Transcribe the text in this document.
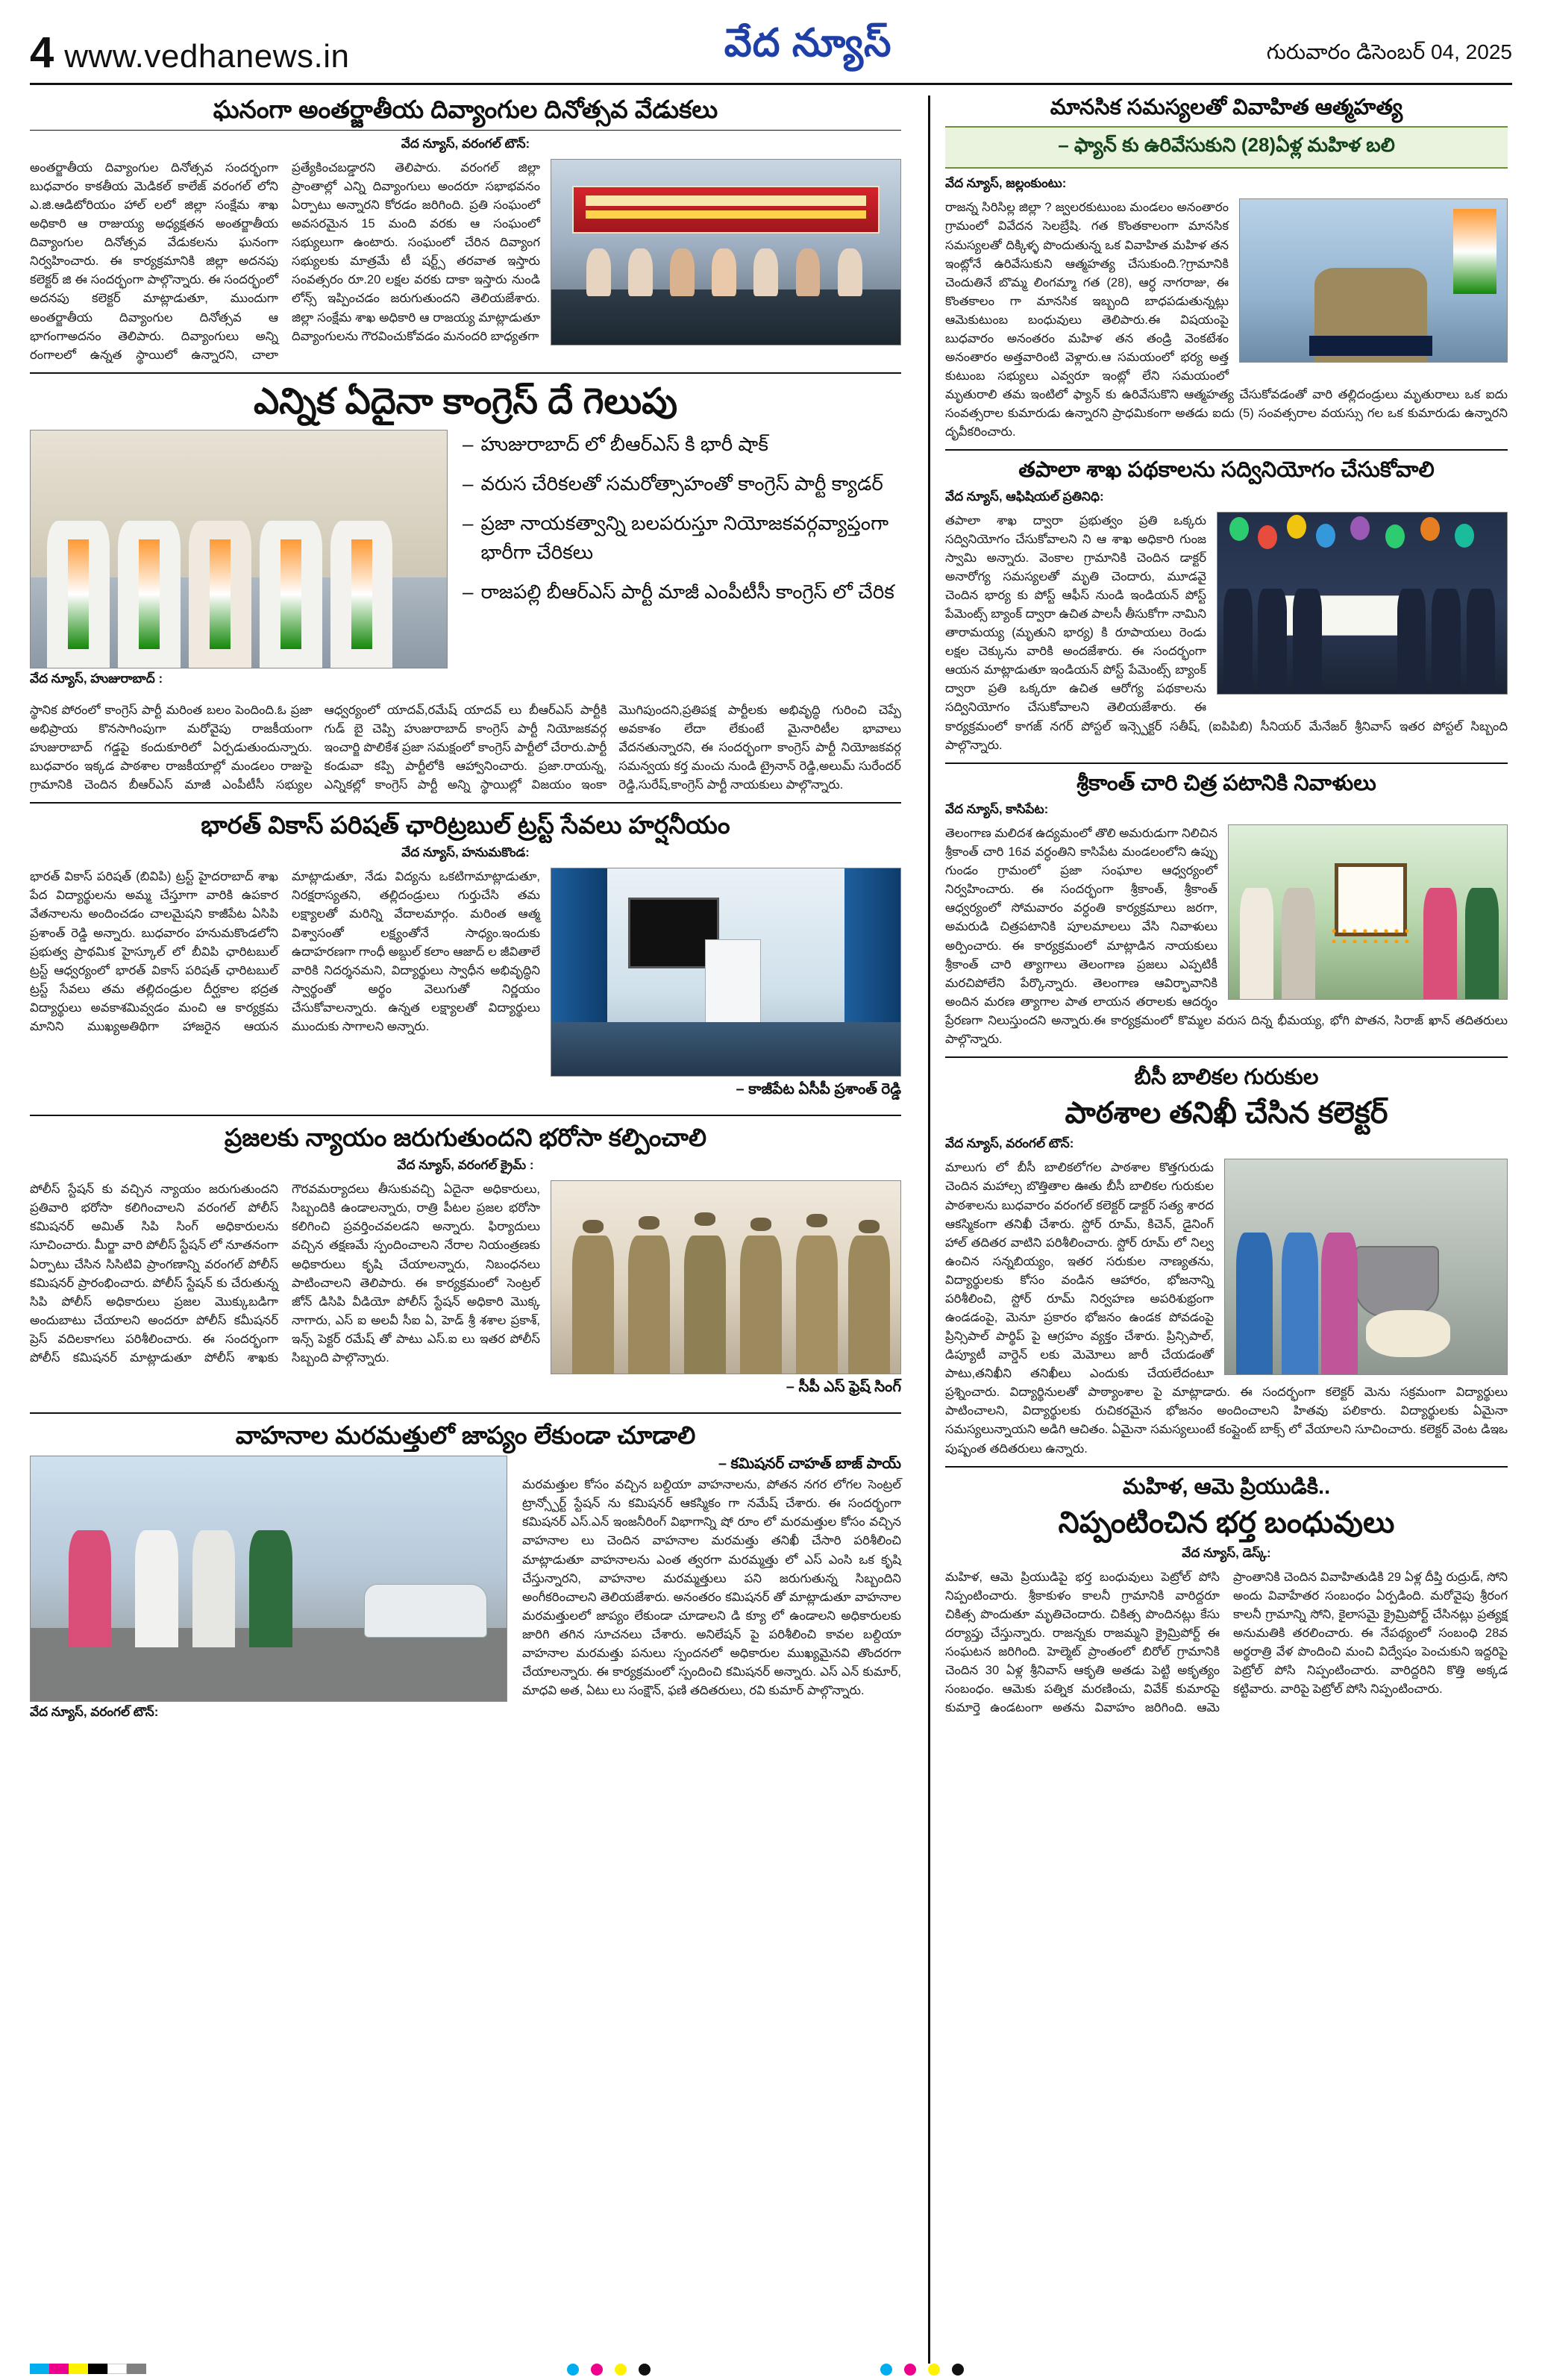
4 www.vedhanews.in	వేద న్యూస్	గురువారం డిసెంబర్ 04, 2025
ఘనంగా అంతర్జాతీయ దివ్యాంగుల దినోత్సవ వేడుకలు
వేద న్యూస్, వరంగల్ టౌన్:
అంతర్జాతీయ దివ్యాంగుల దినోత్సవ సందర్భంగా బుధవారం కాకతీయ మెడికల్ కాలేజ్ వరంగల్ లోని ఎ.జి.ఆడిటోరియం హాల్ లలో జిల్లా సంక్షేమ శాఖ అధికారి ఆ రాజుయ్య అధ్యక్షతన అంతర్జాతీయ దివ్యాంగుల దినోత్సవ వేడుకలను ఘనంగా నిర్వహించారు. ఈ కార్యక్రమానికి జిల్లా అదనపు కలెక్టర్ జి ఈ సందర్భంగా పాల్గొన్నారు. ఈ సందర్భంలో అదనపు కలెక్టర్ మాట్లాడుతూ, ముందుగా అంతర్జాతీయ దివ్యాంగుల దినోత్సవ ఆ భాగంగాఅదనం తెలిపారు. దివ్యాంగులు అన్ని రంగాలలో ఉన్నత స్థాయిలో ఉన్నారని, చాలా ప్రత్యేకించబడ్డారని తెలిపారు. వరంగల్ జిల్లా ప్రాంతాల్లో ఎన్ని దివ్యాంగులు అందరూ సభాభవనం ఏర్పాటు అన్నారని కోరడం జరిగింది. ప్రతి సంఘంలో అవసరమైన 15 మంది వరకు ఆ సంఘంలో సభ్యులుగా ఉంటారు. సంఘంలో చేరిన దివ్యాంగ సభ్యులకు మాత్రమే టీ షర్ట్స్ తరవాత ఇస్తారు సంవత్సరం రూ.20 లక్షల వరకు దాకా ఇస్తారు నుండి లోన్స్ ఇప్పించడం జరుగుతుందని తెలియజేశారు. జిల్లా సంక్షేమ శాఖ అధికారి ఆ రాజయ్య మాట్లాడుతూ దివ్యాంగులను గౌరవించుకోవడం మనందరి బాధ్యతగా
ఎన్నిక ఏదైనా కాంగ్రెస్ దే గెలుపు
వేద న్యూస్, హుజురాబాద్ :
– హుజురాబాద్ లో బీఆర్ఎస్ కి భారీ షాక్
– వరుస చేరికలతో సమరోత్సాహంతో కాంగ్రెస్ పార్టీ క్యాడర్
– ప్రజా నాయకత్వాన్ని బలపరుస్తూ నియోజకవర్గవ్యాప్తంగా భారీగా చేరికలు
– రాజపల్లి బీఆర్ఎస్ పార్టీ మాజీ ఎంపీటీసీ కాంగ్రెస్ లో చేరిక
స్థానిక పోరంలో కాంగ్రెస్ పార్టీ మరింత బలం పెందింది.ఓ ప్రజా అభిప్రాయ కొనసాగింపుగా మరోవైపు రాజకీయంగా హుజురాబాద్ గడ్డపై కందుకూరిలో ఏర్పడుతుందున్నారు. బుధవారం ఇక్కడ పాఠశాల రాజకీయాల్లో మండలం రాజుపై గ్రామానికి చెందిన బీఆర్ఎస్ మాజీ ఎంపీటీసీ సభ్యుల ఆధ్వర్యంలో యాదవ్,రమేష్ యాదవ్ లు బీఆర్ఎస్ పార్టీకి గుడ్ బై చెప్పి హుజురాబాద్ కాంగ్రెస్ పార్టీ నియోజకవర్గ ఇంచార్జి పొలికేశ ప్రజా సమక్షంలో కాంగ్రెస్ పార్టీలో చేరారు.పార్టీ కండువా కప్పి పార్టీలోకి ఆహ్వానించారు. ప్రజా.రాయన్న, ఎన్నికల్లో కాంగ్రెస్ పార్టీ అన్ని స్థాయిల్లో విజయం ఇంకా మొగిపుందని,ప్రతిపక్ష పార్టీలకు అభివృద్ధి గురించి చెప్పే అవకాశం లేదా లేకుంటే మైనారిటీల భావాలు వేదనతున్నారని, ఈ సందర్భంగా కాంగ్రెస్ పార్టీ నియోజకవర్గ సమన్వయ కర్త మంచు నుండి ట్రైనాన్ రెడ్డి,అలుమ్ సురేందర్ రెడ్డి,సురేష్,కాంగ్రెస్ పార్టీ నాయకులు పాల్గొన్నారు.
భారత్ వికాస్ పరిషత్ ఛారిట్రబుల్ ట్రస్ట్ సేవలు హర్షనీయం
వేద న్యూస్, హనుమకొండ:
– కాజీపేట ఏసీపీ ప్రశాంత్ రెడ్డి
భారత్ వికాస్ పరిషత్ (బివిపి) ట్రస్ట్ హైదరాబాద్ శాఖ పేద విద్యార్థులను అమ్మ చేస్తూగా వారికి ఉపకార వేతనాలను అందించడం చాలమైషని కాజీపేట ఏసిపి ప్రశాంత్ రెడ్డి అన్నారు. బుధవారం హనుమకొండలోని ప్రభుత్వ ప్రాథమిక హైస్కూల్ లో బీవిపి ఛారిటబుల్ ట్రస్ట్ ఆధ్వర్యంలో భారత్ వికాస్ పరిషత్ ఛారిటబుల్ ట్రస్ట్ సేవలు తమ తల్లిదండ్రుల దీర్ఘకాల భద్రత విద్యార్థులు అవకాశమివ్వడం మంచి ఆ కార్యక్రమ మానిని ముఖ్యఅతిథిగా హాజరైన ఆయన మాట్లాడుతూ, నేడు విద్యను ఒకటిగామాట్లాడుతూ, నిరక్షరాస్యతని, తల్లిదండ్రులు గుర్తుచేసి తమ లక్ష్యాలతో మరిన్ని వేదాలమార్గం. మరింత ఆత్మ విశ్వాసంతో లక్ష్యంతోనే సాధ్యం.ఇందుకు ఉదాహరణగా గాంధీ అబ్దుల్ కలాం ఆజాద్ ల జీవితాలే వారికి నిదర్శనమని, విద్యార్థులు స్వాధీన అభివృద్ధిని స్వార్థంతో అర్థం వెలుగుతో నిర్ణయం చేసుకోవాలన్నారు. ఉన్నత లక్ష్యాలతో విద్యార్థులు ముందుకు సాగాలని అన్నారు.
ప్రజలకు న్యాయం జరుగుతుందని భరోసా కల్పించాలి
వేద న్యూస్, వరంగల్ క్రైమ్ :
– సీపీ ఎస్ ఫ్రెష్ సింగ్
పోలీస్ స్టేషన్ కు వచ్చిన న్యాయం జరుగుతుందని ప్రతివారి భరోసా కలిగించాలని వరంగల్ పోలీస్ కమిషనర్ అమిత్ సిపి సింగ్ అధికారులను సూచించారు. మీర్జా వారి పోలీస్ స్టేషన్ లో నూతనంగా ఏర్పాటు చేసిన సిసిటివి ప్రాంగణాన్ని వరంగల్ పోలీస్ కమిషనర్ ప్రారంభించారు. పోలీస్ స్టేషన్ కు చేరుతున్న సిపి పోలీస్ అధికారులు ప్రజల మొక్కుబడిగా అందుబాటు చేయాలని అందరూ పోలీస్ కమీషనర్ ప్రెస్ వదిలకాగలు పరిశీలించారు. ఈ సందర్భంగా పోలీస్ కమిషనర్ మాట్లాడుతూ పోలీస్ శాఖకు గౌరవమర్యాదలు తీసుకువచ్చి ఏదైనా అధికారులు, సిబ్బందికి ఉండాలన్నారు, రాత్రి పీటల ప్రజల భరోసా కలిగించి ప్రవర్తించవలడని అన్నారు. ఫిర్యాదులు వచ్చిన తక్షణమే స్పందించాలని నేరాల నియంత్రణకు అధికారులు కృషి చేయాలన్నారు, నిబంధనలు పాటించాలని తెలిపారు. ఈ కార్యక్రమంలో సెంట్రల్ జోన్ డిసిపి వీడియో పోలీస్ స్టేషన్ అధికారి మొక్క నాగారు, ఎస్ ఐ అలవీ సీఐ ఏ, హెడ్ శ్రీ శశాల ప్రకాశ్, ఇన్స్ పెక్టర్ రమేష్ తో పాటు ఎస్.ఐ లు ఇతర పోలీస్ సిబ్బంది పాల్గొన్నారు.
వాహనాల మరమత్తులో జాప్యం లేకుండా చూడాలి
వేద న్యూస్, వరంగల్ టౌన్:
– కమిషనర్ చాహత్ బాజ్ పాయ్
మరమత్తుల కోసం వచ్చిన బల్దియా వాహనాలను, పోతన నగర లోగల సెంట్రల్ ట్రాన్స్పోర్ట్ స్టేషన్ ను కమిషనర్ ఆకస్మికం గా నమేష్ చేశారు. ఈ సందర్భంగా కమిషనర్ ఎస్.ఎన్ ఇంజనీరింగ్ విభాగాన్ని షో రూం లో మరమత్తుల కోసం వచ్చిన వాహనాల లు చెందిన వాహనాల మరమత్తు తనిఖీ చేసారి పరిశీలించి మాట్లాడుతూ వాహనాలను ఎంత త్వరగా మరమ్మత్తు లో ఎస్ ఎంసి ఒక కృషి చేస్తున్నారని, వాహనాల మరమ్మత్తులు పని జరుగుతున్న సిబ్బందిని అంగీకరించాలని తెలియజేశారు. అనంతరం కమిషనర్ తో మాట్లాడుతూ వాహనాల మరమత్తులలో జాప్యం లేకుండా చూడాలని డి క్యూ లో ఉండాలని అధికారులకు జారిగి తగిన సూచనలు చేశారు. అనిలేషన్ పై పరిశీలించి కావల బల్దియా వాహనాల మరమత్తు పనులు స్పందనలో అధికారుల ముఖ్యమైనవి తొందరగా చేయాలన్నారు. ఈ కార్యక్రమంలో స్పందించి కమిషనర్ అన్నారు. ఎస్ ఎన్ కుమార్, మాధవి అత, ఏటు లు సంక్షౌన్, ఫణి తదితరులు, రవి కుమార్ పాల్గొన్నారు.
మానసిక సమస్యలతో వివాహిత ఆత్మహత్య
– ఫ్యాన్ కు ఉరివేసుకుని (28)ఏళ్ల మహిళ బలి
వేద న్యూస్, జల్లంకుంటు:
రాజన్న సిరిసిల్ల జిల్లా ? జ్వలరకుటుంబ మండలం అనంతారం గ్రామంలో వివేదన సెలబ్రేషి. గత కొంతకాలంగా మానసిక సమస్యలతో దిక్కిళ్ళ పొందుతున్న ఒక వివాహిత మహిళ తన ఇంట్లోనే ఉరివేసుకుని ఆత్మహత్య చేసుకుంది.?గ్రామానికి చెందుతినే బొమ్మ లింగమ్మా గత (28), ఆర్ధ నాగరాజు, ఈ కొంతకాలం గా మానసిక ఇబ్బంది బాధపడుతున్నట్లు ఆమెకుటుంబ బంధువులు తెలిపారు.ఈ విషయంపై బుధవారం అనంతరం మహిళ తన తండ్రి వెంకటేశం అనంతారం అత్తవారింటి వెళ్లారు.ఆ సమయంలో భర్య అత్త కుటుంబ సభ్యులు ఎవ్వరూ ఇంట్లో లేని సమయంలో మృతురాలి తమ ఇంటిలో ఫ్యాన్ కు ఉరివేసుకొని ఆత్మహత్య చేసుకోవడంతో వారి తల్లిదండ్రులు మృతురాలు ఒక ఐదు సంవత్సరాల కుమారుడు ఉన్నారని ప్రాధమికంగా అతడు ఐదు (5) సంవత్సరాల వయస్సు గల ఒక కుమారుడు ఉన్నారని దృవీకరించారు.
తపాలా శాఖ పథకాలను సద్వినియోగం చేసుకోవాలి
వేద న్యూస్, ఆఫిషియల్ ప్రతినిధి:
తపాలా శాఖ ద్వారా ప్రభుత్వం ప్రతి ఒక్కరు సద్వినియోగం చేసుకోవాలని ని ఆ శాఖ అధికారి గుంజ స్వామి అన్నారు. వెంకాల గ్రామానికి చెందిన డాక్టర్ అనారోగ్య సమస్యలతో మృతి చెందారు, మూడవై చెందిన భార్య కు పోస్ట్ ఆఫీస్ నుండి ఇండియన్ పోస్ట్ పేమెంట్స్ బ్యాంక్ ద్వారా ఉచిత పాలసీ తీసుకోగా నామిని తారామయ్య (మృతుని భార్య) కి రూపాయలు రెండు లక్షల చెక్కును వారికి అందజేశారు. ఈ సందర్భంగా ఆయన మాట్లాడుతూ ఇండియన్ పోస్ట్ పేమెంట్స్ బ్యాంక్ ద్వారా ప్రతి ఒక్కరూ ఉచిత ఆరోగ్య పథకాలను సద్వినియోగం చేసుకోవాలని తెలియజేశారు. ఈ కార్యక్రమంలో కాగజ్ నగర్ పోస్టల్ ఇన్స్పెక్టర్ సతీష్, (ఐపిపిబి) సీనియర్ మేనేజర్ శ్రీనివాస్ ఇతర పోస్టల్ సిబ్బంది పాల్గొన్నారు.
శ్రీకాంత్ చారి చిత్ర పటానికి నివాళులు
వేద న్యూస్, కాసిపేట:
తెలంగాణ మలిదశ ఉద్యమంలో తొలి అమరుడుగా నిలిచిన శ్రీకాంత్ చారి 16వ వర్ధంతిని కాసిపేట మండలంలోని ఉప్పు గుండం గ్రామంలో ప్రజా సంఘాల ఆధ్వర్యంలో నిర్వహించారు. ఈ సందర్భంగా శ్రీకాంత్, శ్రీకాంత్ ఆధ్వర్యంలో సోమవారం వర్ధంతి కార్యక్రమాలు జరగా, అమరుడి చిత్రపటానికి పూలమాలలు వేసి నివాళులు అర్పించారు. ఈ కార్యక్రమంలో మాట్లాడిన నాయకులు శ్రీకాంత్ చారి త్యాగాలు తెలంగాణ ప్రజలు ఎప్పటికీ మరచిపోలేని పేర్కొన్నారు. తెలంగాణ ఆవిర్భావానికి అందిన మరణ త్యాగాల పాత లాయన తరాలకు ఆదర్శం ప్రేరణగా నిలుస్తుందని అన్నారు.ఈ కార్యక్రమంలో కొమ్మల వరుస దిన్న భీమయ్య, భోగి పొతన, సిరాజ్ ఖాన్ తదితరులు పాల్గొన్నారు.
బీసీ బాలికల గురుకుల
పాఠశాల తనిఖీ చేసిన కలెక్టర్
వేద న్యూస్, వరంగల్ టౌన్:
మాలుగు లో బీసీ బాలికలోగల పాఠశాల కొత్తగురుడు చెందిన మహాల్స బొత్తితాల ఊతు బీసీ బాలికల గురుకుల పాఠశాలను బుధవారం వరంగల్ కలెక్టర్ డాక్టర్ సత్య శారద ఆకస్మికంగా తనిఖీ చేశారు. స్టోర్ రూమ్, కిచెన్, డైనింగ్ హాల్ తదితర వాటిని పరిశీలించారు. స్టోర్ రూమ్ లో నిల్వ ఉంచిన సన్నబియ్యం, ఇతర సరుకుల నాణ్యతను, విద్యార్థులకు కోసం వండిన ఆహారం, భోజనాన్ని పరిశీలించి, స్టోర్ రూమ్ నిర్వహణ అపరిశుభ్రంగా ఉండడంపై, మెనూ ప్రకారం భోజనం ఉండక పోవడంపై ప్రిన్సిపాల్ పార్థిప్ పై ఆగ్రహం వ్యక్తం చేశారు. ప్రిన్సిపాల్, డిప్యూటీ వార్డెన్ లకు మెమోలు జారీ చేయడంతో పాటు,తనిఖీని తనిఖీలు ఎందుకు చేయలేదంటూ ప్రశ్నించారు. విద్యార్థినులతో పాఠ్యాంశాల పై మాట్లాడారు. ఈ సందర్భంగా కలెక్టర్ మెను సక్రమంగా విద్యార్థులు పాటించాలని, విద్యార్థులకు రుచికరమైన భోజనం అందించాలని హితవు పలికారు. విద్యార్థులకు ఏమైనా సమస్యలున్నాయని అడిగి ఆచితం. ఏమైనా సమస్యలుంటే కంప్లైంట్ బాక్స్ లో వేయాలని సూచించారు. కలెక్టర్ వెంట డిఇఒ పుష్పంత తదితరులు ఉన్నారు.
మహిళ, ఆమె ప్రియుడికి..
నిప్పంటించిన భర్త బంధువులు
వేద న్యూస్, డెస్క్:
మహిళ, ఆమె ప్రియుడిపై భర్త బంధువులు పెట్రోల్ పోసి నిప్పంటించారు. శ్రీకాకుళం కాలనీ గ్రామానికి వారిద్దరూ చికిత్స పొందుతూ మృతిచెందారు. చికిత్స పొందినట్లు కేసు దర్యాప్తు చేస్తున్నారు. రాజన్నకు రాజమ్మని క్రైమ్రిపోర్ట్ ఈ సంఘటన జరిగింది. హెల్మెట్ ప్రాంతంలో బిరోల్ గ్రామానికి చెందిన 30 ఏళ్ల శ్రీనివాస్ ఆకృతి అతడు పెట్టి అకృత్యం సంబంధం. ఆమెకు పత్నిక మరణించు, వివేక్ కుమారపై కుమార్తె ఉండటంగా అతను వివాహం జరిగింది. ఆమె ప్రాంతానికి చెందిన వివాహితుడికి 29 ఏళ్ల దీప్తి రుద్రుడ్, సోని అందు వివాహేతర సంబంధం ఏర్పడింది. మరోవైపు శ్రీరంగ కాలనీ గ్రామాన్ని సోని, కైలాసమై క్రైమ్రిపోర్ట్ చేసినట్లు ప్రత్యక్ష అనుమతికి తరలించారు. ఈ నేపథ్యంలో సంబంధి 28వ అర్థరాత్రి వేళ పొందించి మంచి విద్వేషం పెంచుకుని ఇద్దరిపై పెట్రోల్ పోసి నిప్పంటించారు. వారిద్దరిని కొత్తి అక్కడ కట్టివారు. వారిపై పెట్రోల్ పోసి నిప్పంటించారు.
